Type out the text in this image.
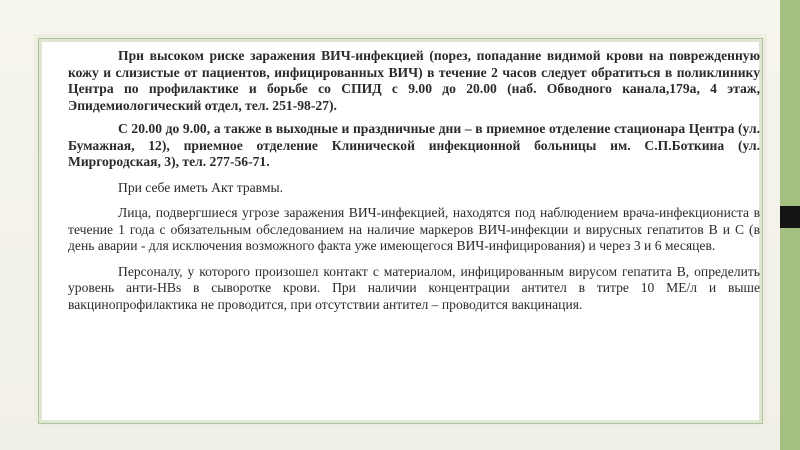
При высоком риске заражения ВИЧ-инфекцией (порез, попадание видимой крови на поврежденную кожу и слизистые от пациентов, инфицированных ВИЧ) в течение 2 часов следует обратиться в поликлинику Центра по профилактике и борьбе со СПИД с 9.00 до 20.00 (наб. Обводного канала,179а, 4 этаж, Эпидемиологический отдел, тел. 251-98-27).

С 20.00 до 9.00, а также в выходные и праздничные дни – в приемное отделение стационара Центра (ул. Бумажная, 12), приемное отделение Клинической инфекционной больницы им. С.П.Боткина (ул. Миргородская, 3), тел. 277-56-71.

При себе иметь Акт травмы.

Лица, подвергшиеся угрозе заражения ВИЧ-инфекцией, находятся под наблюдением врача-инфекциониста в течение 1 года с обязательным обследованием на наличие маркеров ВИЧ-инфекции и вирусных гепатитов В и С (в день аварии - для исключения возможного факта уже имеющегося ВИЧ-инфицирования) и через 3 и 6 месяцев.

Персоналу, у которого произошел контакт с материалом, инфицированным вирусом гепатита В, определить уровень анти-HBs в сыворотке крови. При наличии концентрации антител в титре 10 МЕ/л и выше вакцинопрофилактика не проводится, при отсутствии антител – проводится вакцинация.
